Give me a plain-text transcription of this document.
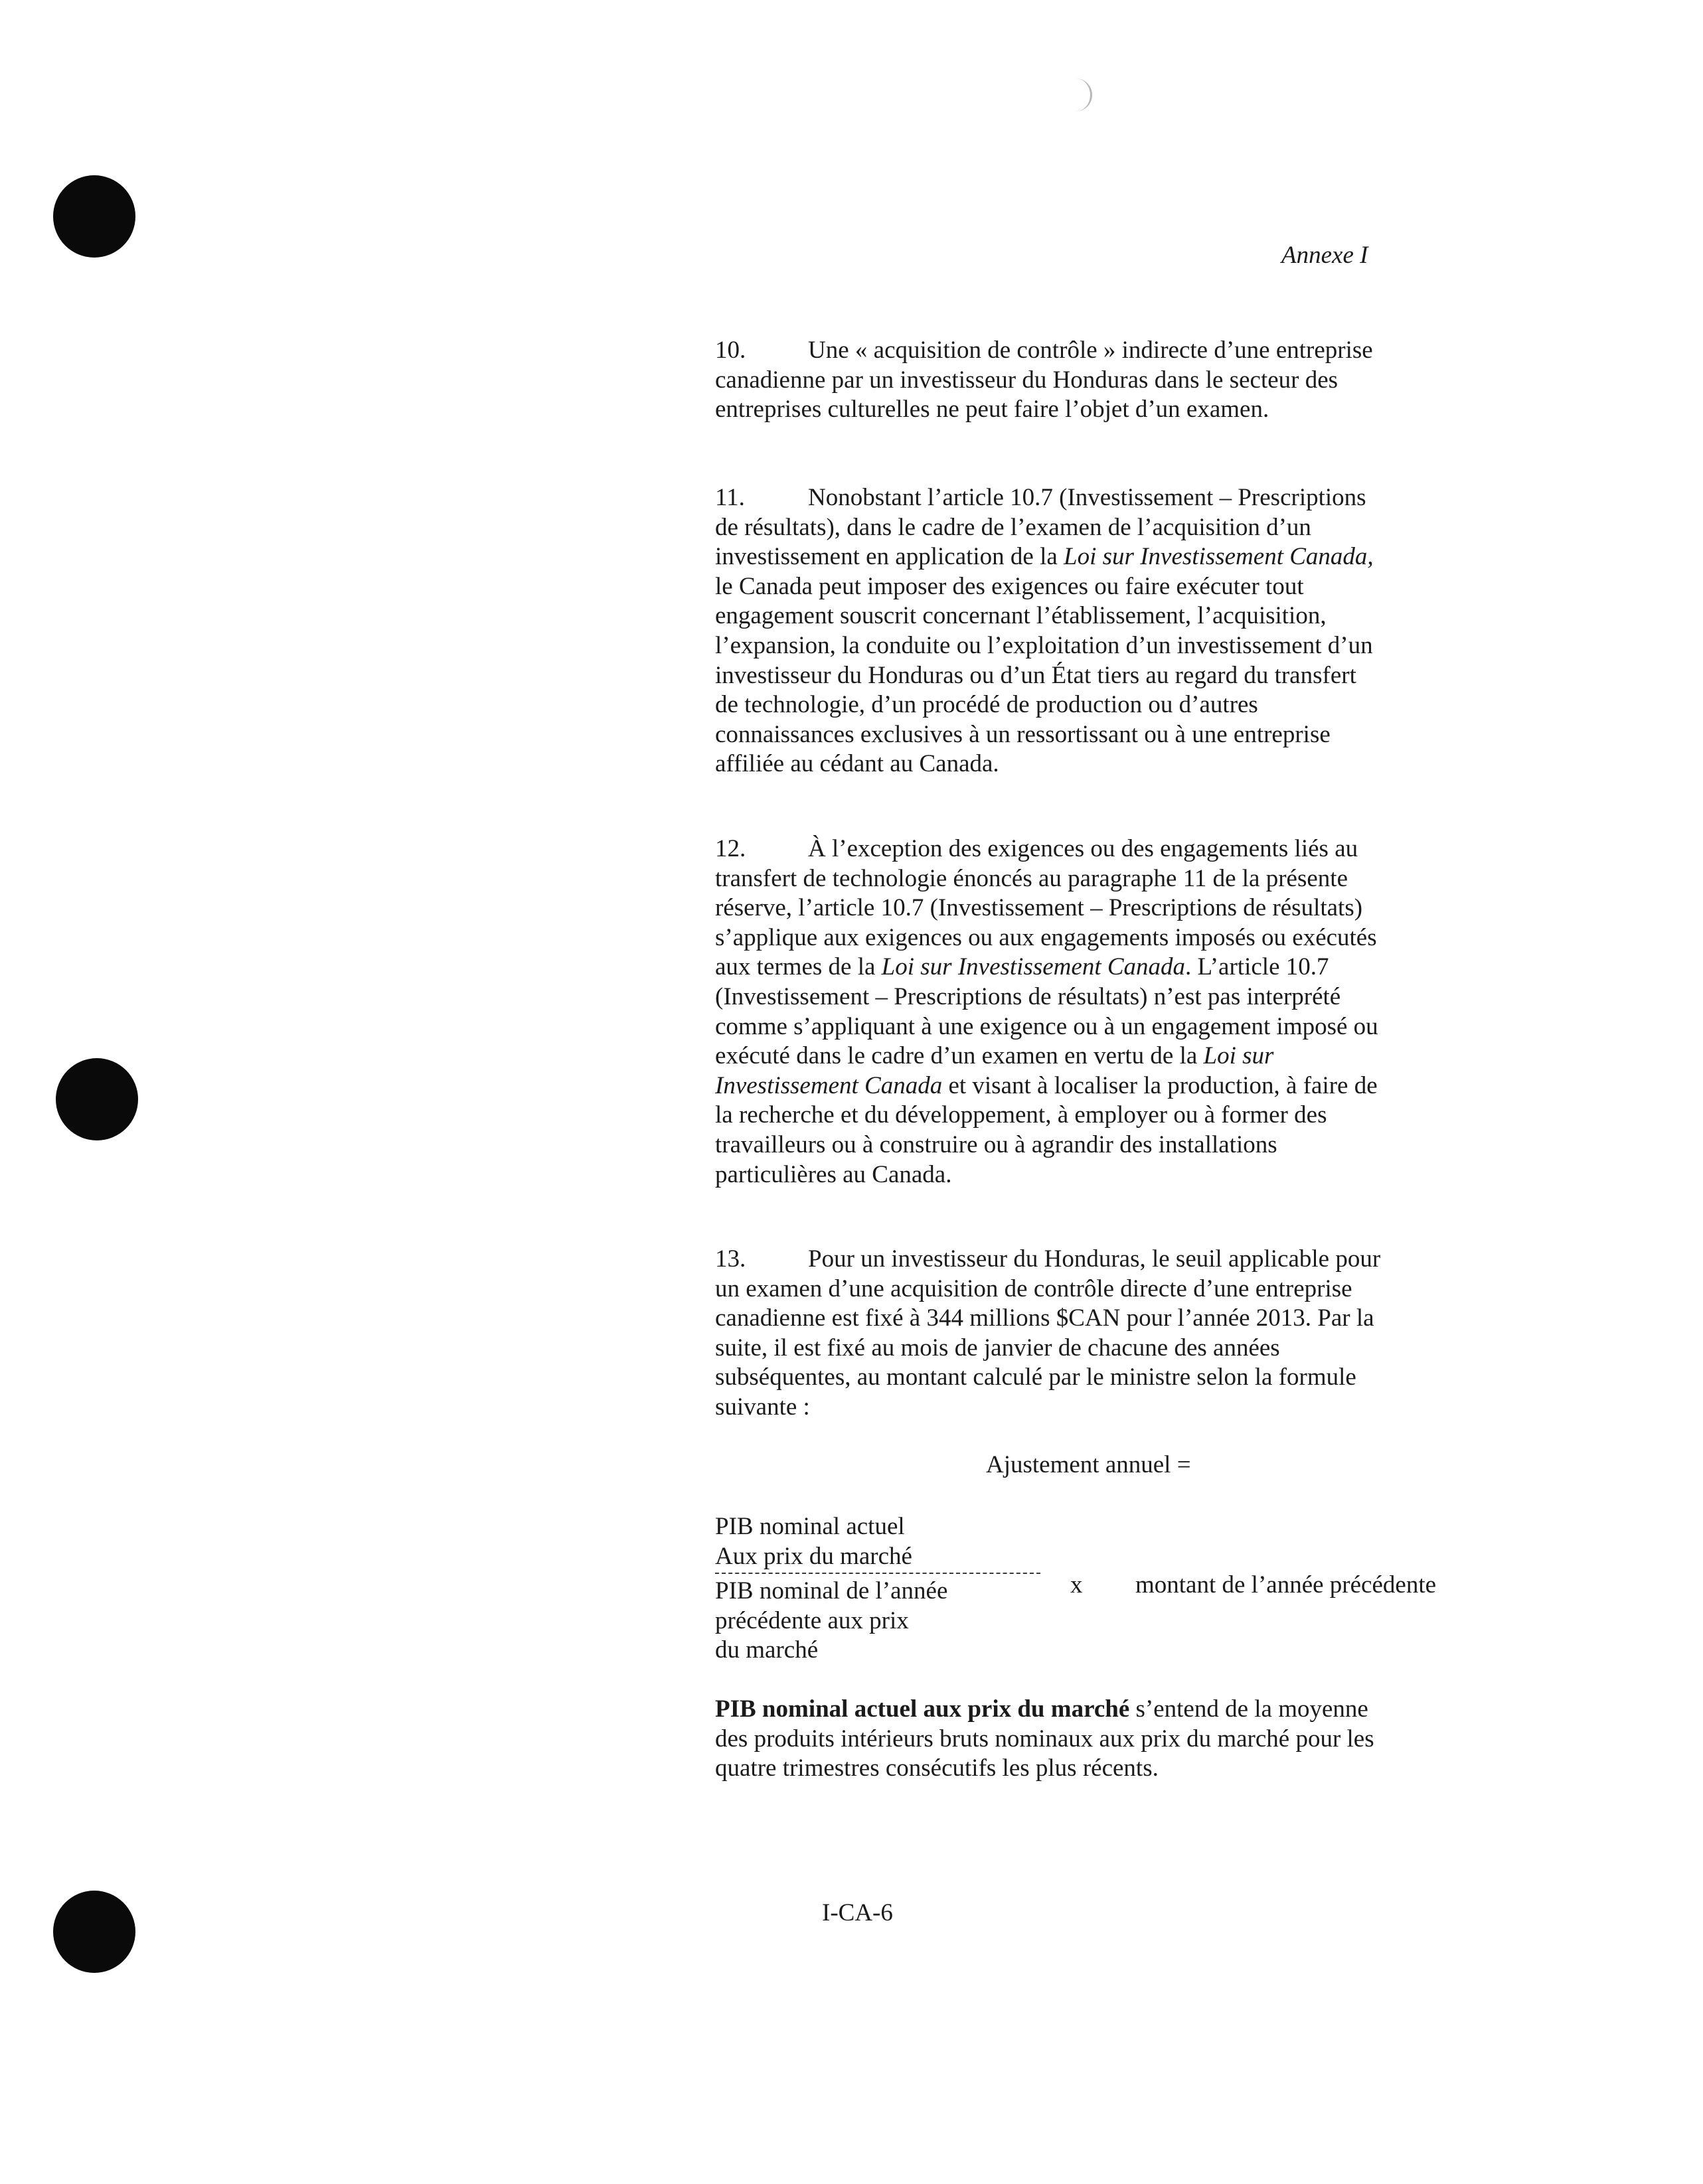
Annexe I
10.	Une « acquisition de contrôle » indirecte d’une entreprise canadienne par un investisseur du Honduras dans le secteur des entreprises culturelles ne peut faire l’objet d’un examen.
11.	Nonobstant l’article 10.7 (Investissement – Prescriptions de résultats), dans le cadre de l’examen de l’acquisition d’un investissement en application de la Loi sur Investissement Canada, le Canada peut imposer des exigences ou faire exécuter tout engagement souscrit concernant l’établissement, l’acquisition, l’expansion, la conduite ou l’exploitation d’un investissement d’un investisseur du Honduras ou d’un État tiers au regard du transfert de technologie, d’un procédé de production ou d’autres connaissances exclusives à un ressortissant ou à une entreprise affiliée au cédant au Canada.
12.	À l’exception des exigences ou des engagements liés au transfert de technologie énoncés au paragraphe 11 de la présente réserve, l’article 10.7 (Investissement – Prescriptions de résultats) s’applique aux exigences ou aux engagements imposés ou exécutés aux termes de la Loi sur Investissement Canada. L’article 10.7 (Investissement – Prescriptions de résultats) n’est pas interprété comme s’appliquant à une exigence ou à un engagement imposé ou exécuté dans le cadre d’un examen en vertu de la Loi sur Investissement Canada et visant à localiser la production, à faire de la recherche et du développement, à employer ou à former des travailleurs ou à construire ou à agrandir des installations particulières au Canada.
13.	Pour un investisseur du Honduras, le seuil applicable pour un examen d’une acquisition de contrôle directe d’une entreprise canadienne est fixé à 344 millions $CAN pour l’année 2013. Par la suite, il est fixé au mois de janvier de chacune des années subséquentes, au montant calculé par le ministre selon la formule suivante :
Ajustement annuel =
PIB nominal actuel
Aux prix du marché
PIB nominal de l’année
précédente aux prix
du marché
x montant de l’année précédente
PIB nominal actuel aux prix du marché s’entend de la moyenne des produits intérieurs bruts nominaux aux prix du marché pour les quatre trimestres consécutifs les plus récents.
I-CA-6
